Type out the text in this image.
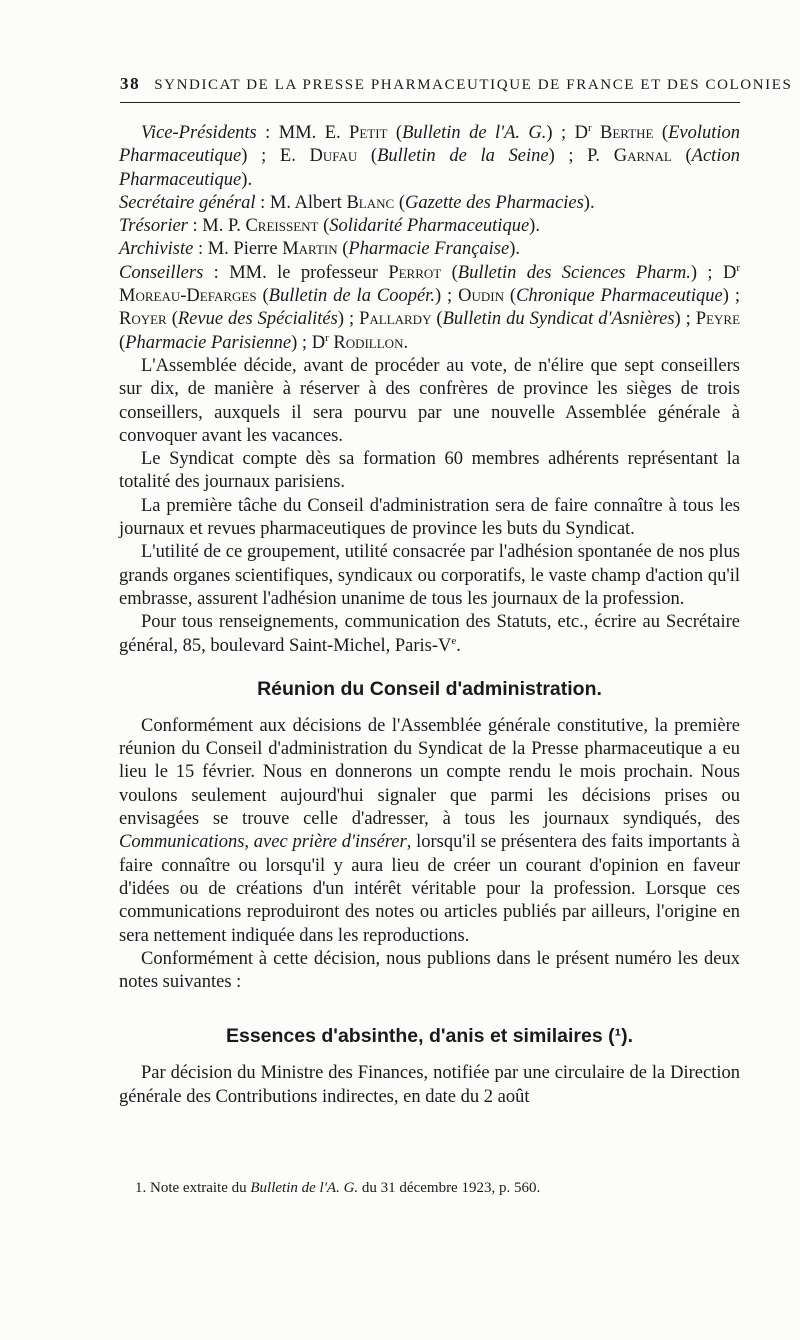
38 SYNDICAT DE LA PRESSE PHARMACEUTIQUE DE FRANCE ET DES COLONIES

Vice-Présidents : MM. E. Petit (Bulletin de l'A. G.) ; $D^r$ Berthe (Evolution Pharmaceutique) ; E. Dufau (Bulletin de la Seine) ; P. Garnal (Action Pharmaceutique).
Secrétaire général : M. Albert Blanc (Gazette des Pharmacies).
Trésorier : M. P. Creissent (Solidarité Pharmaceutique).
Archiviste : M. Pierre Martin (Pharmacie Française).
Conseillers : MM. le professeur Perrot (Bulletin des Sciences Pharm.) ; $D^r$ Moreau-Defarges (Bulletin de la Coopér.) ; Oudin (Chronique Pharmaceutique) ; Royer (Revue des Spécialités) ; Pallardy (Bulletin du Syndicat d'Asnières) ; Peyre (Pharmacie Parisienne) ; $D^r$ Rodillon.

L'Assemblée décide, avant de procéder au vote, de n'élire que sept conseillers sur dix, de manière à réserver à des confrères de province les sièges de trois conseillers, auxquels il sera pourvu par une nouvelle Assemblée générale à convoquer avant les vacances.

Le Syndicat compte dès sa formation 60 membres adhérents représentant la totalité des journaux parisiens.

La première tâche du Conseil d'administration sera de faire connaître à tous les journaux et revues pharmaceutiques de province les buts du Syndicat.

L'utilité de ce groupement, utilité consacrée par l'adhésion spontanée de nos plus grands organes scientifiques, syndicaux ou corporatifs, le vaste champ d'action qu'il embrasse, assurent l'adhésion unanime de tous les journaux de la profession.

Pour tous renseignements, communication des Statuts, etc., écrire au Secrétaire général, 85, boulevard Saint-Michel, Paris-Ve.

Réunion du Conseil d'administration.

Conformément aux décisions de l'Assemblée générale constitutive, la première réunion du Conseil d'administration du Syndicat de la Presse pharmaceutique a eu lieu le 15 février. Nous en donnerons un compte rendu le mois prochain. Nous voulons seulement aujourd'hui signaler que parmi les décisions prises ou envisagées se trouve celle d'adresser, à tous les journaux syndiqués, des Communications, avec prière d'insérer, lorsqu'il se présentera des faits importants à faire connaître ou lorsqu'il y aura lieu de créer un courant d'opinion en faveur d'idées ou de créations d'un intérêt véritable pour la profession. Lorsque ces communications reproduiront des notes ou articles publiés par ailleurs, l'origine en sera nettement indiquée dans les reproductions.

Conformément à cette décision, nous publions dans le présent numéro les deux notes suivantes :

Essences d'absinthe, d'anis et similaires (¹).

Par décision du Ministre des Finances, notifiée par une circulaire de la Direction générale des Contributions indirectes, en date du 2 août

1. Note extraite du Bulletin de l'A. G. du 31 décembre 1923, p. 560.
